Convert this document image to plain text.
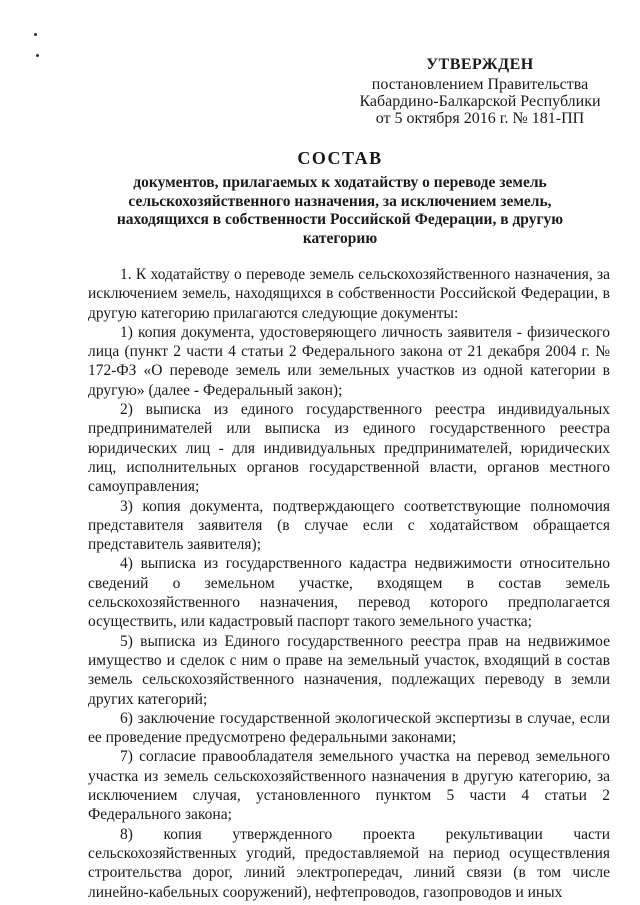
УТВЕРЖДЕН
постановлением Правительства
Кабардино-Балкарской Республики
от 5 октября 2016 г. № 181-ПП
СОСТАВ
документов, прилагаемых к ходатайству о переводе земель сельскохозяйственного назначения, за исключением земель, находящихся в собственности Российской Федерации, в другую категорию

1. К ходатайству о переводе земель сельскохозяйственного назначения, за исключением земель, находящихся в собственности Российской Федерации, в другую категорию прилагаются следующие документы:

1) копия документа, удостоверяющего личность заявителя - физического лица (пункт 2 части 4 статьи 2 Федерального закона от 21 декабря 2004 г. № 172-ФЗ «О переводе земель или земельных участков из одной категории в другую» (далее - Федеральный закон);

2) выписка из единого государственного реестра индивидуальных предпринимателей или выписка из единого государственного реестра юридических лиц - для индивидуальных предпринимателей, юридических лиц, исполнительных органов государственной власти, органов местного самоуправления;

3) копия документа, подтверждающего соответствующие полномочия представителя заявителя (в случае если с ходатайством обращается представитель заявителя);

4) выписка из государственного кадастра недвижимости относительно сведений о земельном участке, входящем в состав земель сельскохозяйственного назначения, перевод которого предполагается осуществить, или кадастровый паспорт такого земельного участка;

5) выписка из Единого государственного реестра прав на недвижимое имущество и сделок с ним о праве на земельный участок, входящий в состав земель сельскохозяйственного назначения, подлежащих переводу в земли других категорий;

6) заключение государственной экологической экспертизы в случае, если ее проведение предусмотрено федеральными законами;

7) согласие правообладателя земельного участка на перевод земельного участка из земель сельскохозяйственного назначения в другую категорию, за исключением случая, установленного пунктом 5 части 4 статьи 2 Федерального закона;

8) копия утвержденного проекта рекультивации части сельскохозяйственных угодий, предоставляемой на период осуществления строительства дорог, линий электропередач, линий связи (в том числе линейно-кабельных сооружений), нефтепроводов, газопроводов и иных
